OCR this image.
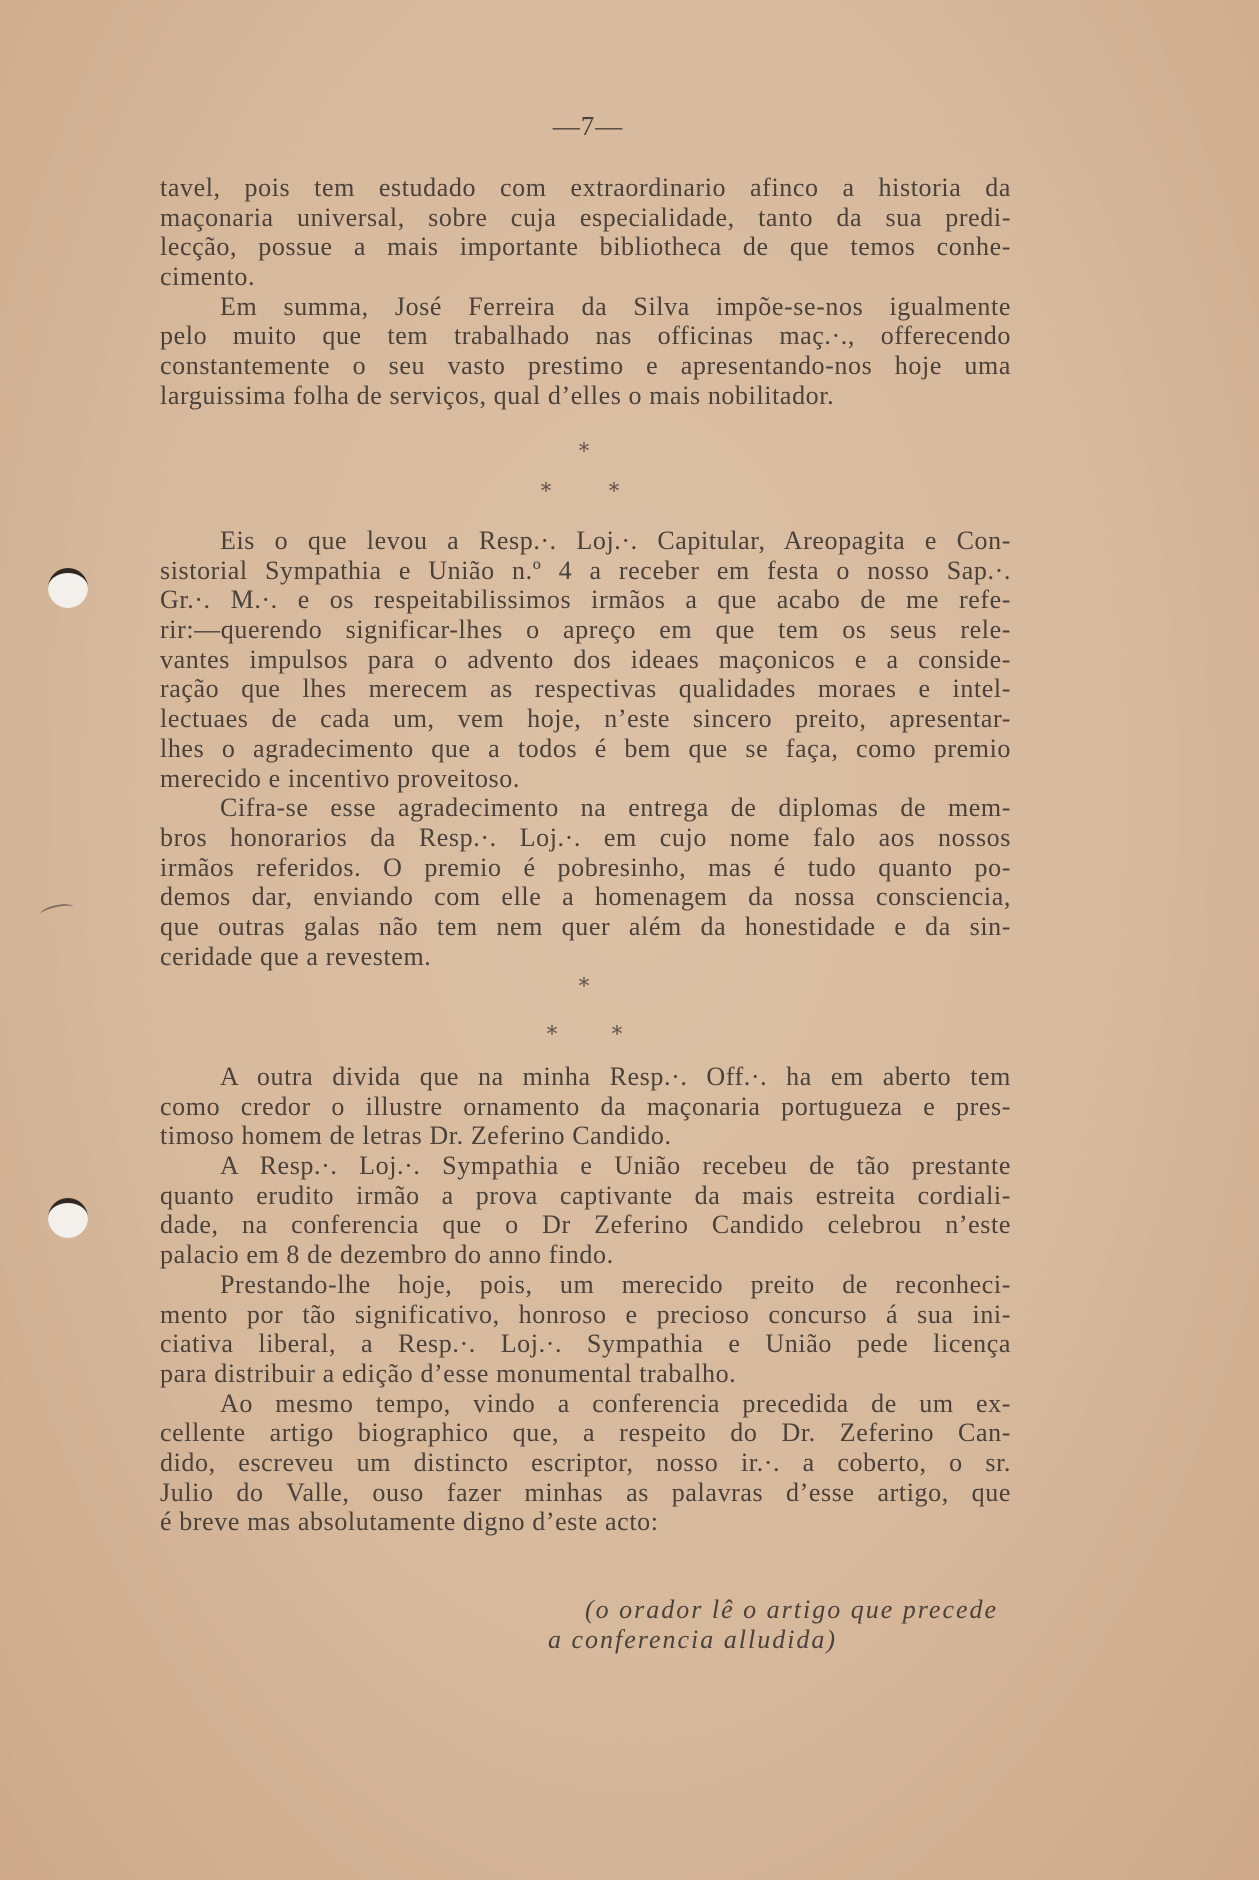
—7—
tavel, pois tem estudado com extraordinario afinco a historia da
maçonaria universal, sobre cuja especialidade, tanto da sua predi-
lecção, possue a mais importante bibliotheca de que temos conhe-
cimento.
Em summa, José Ferreira da Silva impõe-se-nos igualmente
pelo muito que tem trabalhado nas officinas maç.·., offerecendo
constantemente o seu vasto prestimo e apresentando-nos hoje uma
larguissima folha de serviços, qual d’elles o mais nobilitador.
*
*	*
Eis o que levou a Resp.·. Loj.·. Capitular, Areopagita e Con-
sistorial Sympathia e União n.º 4 a receber em festa o nosso Sap.·.
Gr.·. M.·. e os respeitabilissimos irmãos a que acabo de me refe-
rir:—querendo significar-lhes o apreço em que tem os seus rele-
vantes impulsos para o advento dos ideaes maçonicos e a conside-
ração que lhes merecem as respectivas qualidades moraes e intel-
lectuaes de cada um, vem hoje, n’este sincero preito, apresentar-
lhes o agradecimento que a todos é bem que se faça, como premio
merecido e incentivo proveitoso.
Cifra-se esse agradecimento na entrega de diplomas de mem-
bros honorarios da Resp.·. Loj.·. em cujo nome falo aos nossos
irmãos referidos. O premio é pobresinho, mas é tudo quanto po-
demos dar, enviando com elle a homenagem da nossa consciencia,
que outras galas não tem nem quer além da honestidade e da sin-
ceridade que a revestem.
*
*	*
A outra divida que na minha Resp.·. Off.·. ha em aberto tem
como credor o illustre ornamento da maçonaria portugueza e pres-
timoso homem de letras Dr. Zeferino Candido.
A Resp.·. Loj.·. Sympathia e União recebeu de tão prestante
quanto erudito irmão a prova captivante da mais estreita cordiali-
dade, na conferencia que o Dr Zeferino Candido celebrou n’este
palacio em 8 de dezembro do anno findo.
Prestando-lhe hoje, pois, um merecido preito de reconheci-
mento por tão significativo, honroso e precioso concurso á sua ini-
ciativa liberal, a Resp.·. Loj.·. Sympathia e União pede licença
para distribuir a edição d’esse monumental trabalho.
Ao mesmo tempo, vindo a conferencia precedida de um ex-
cellente artigo biographico que, a respeito do Dr. Zeferino Can-
dido, escreveu um distincto escriptor, nosso ir.·. a coberto, o sr.
Julio do Valle, ouso fazer minhas as palavras d’esse artigo, que
é breve mas absolutamente digno d’este acto:
(o orador lê o artigo que precede
a conferencia alludida)
